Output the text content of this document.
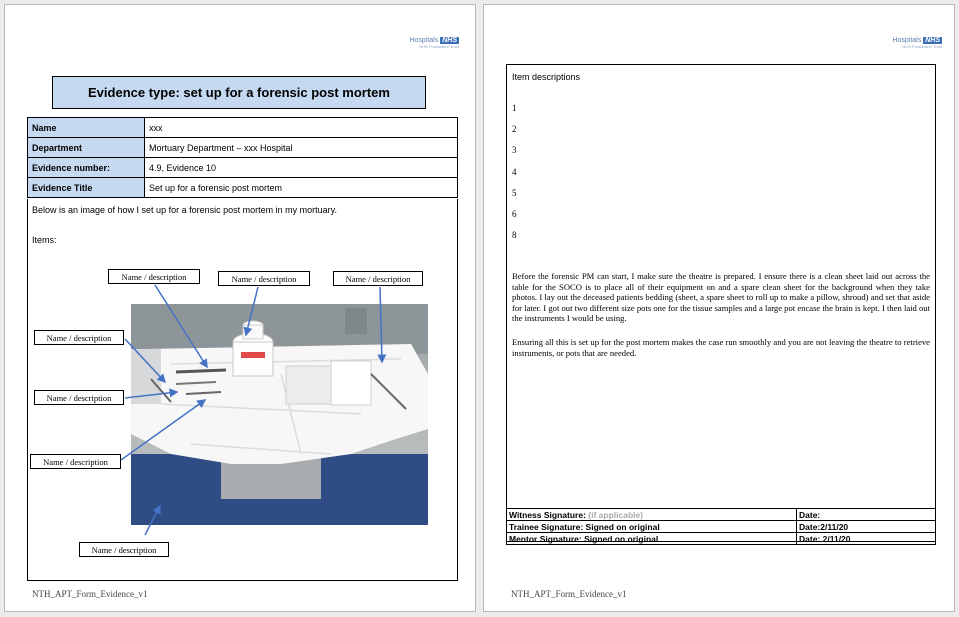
Hospitals NHS
NHS Foundation Trust
Evidence type: set up for a forensic post mortem
Name	xxx
Department	Mortuary Department – xxx Hospital
Evidence number:	4.9, Evidence 10
Evidence Title	Set up for a forensic post mortem
Below is an image of how I set up for a forensic post mortem in my mortuary.
Items:
Name / description	Name / description	Name / description
Name / description
Name / description
Name / description
Name / description
NTH_APT_Form_Evidence_v1
Hospitals NHS
NHS Foundation Trust
Item descriptions
1
2
3
4
5
6
8
Before the forensic PM can start, I make sure the theatre is prepared. I ensure there is a clean sheet laid out across the table for the SOCO is to place all of their equipment on and a spare clean sheet for the background when they take photos. I lay out the deceased patients bedding (sheet, a spare sheet to roll up to make a pillow, shroud) and set that aside for later. I got out two different size pots one for the tissue samples and a large pot encase the brain is kept. I then laid out the instruments I would be using.
Ensuring all this is set up for the post mortem makes the case run smoothly and you are not leaving the theatre to retrieve instruments, or pots that are needed.
Witness Signature: (if applicable)	Date:
Trainee Signature: Signed on original	Date:2/11/20
Mentor Signature: Signed on original	Date: 2/11/20
NTH_APT_Form_Evidence_v1
